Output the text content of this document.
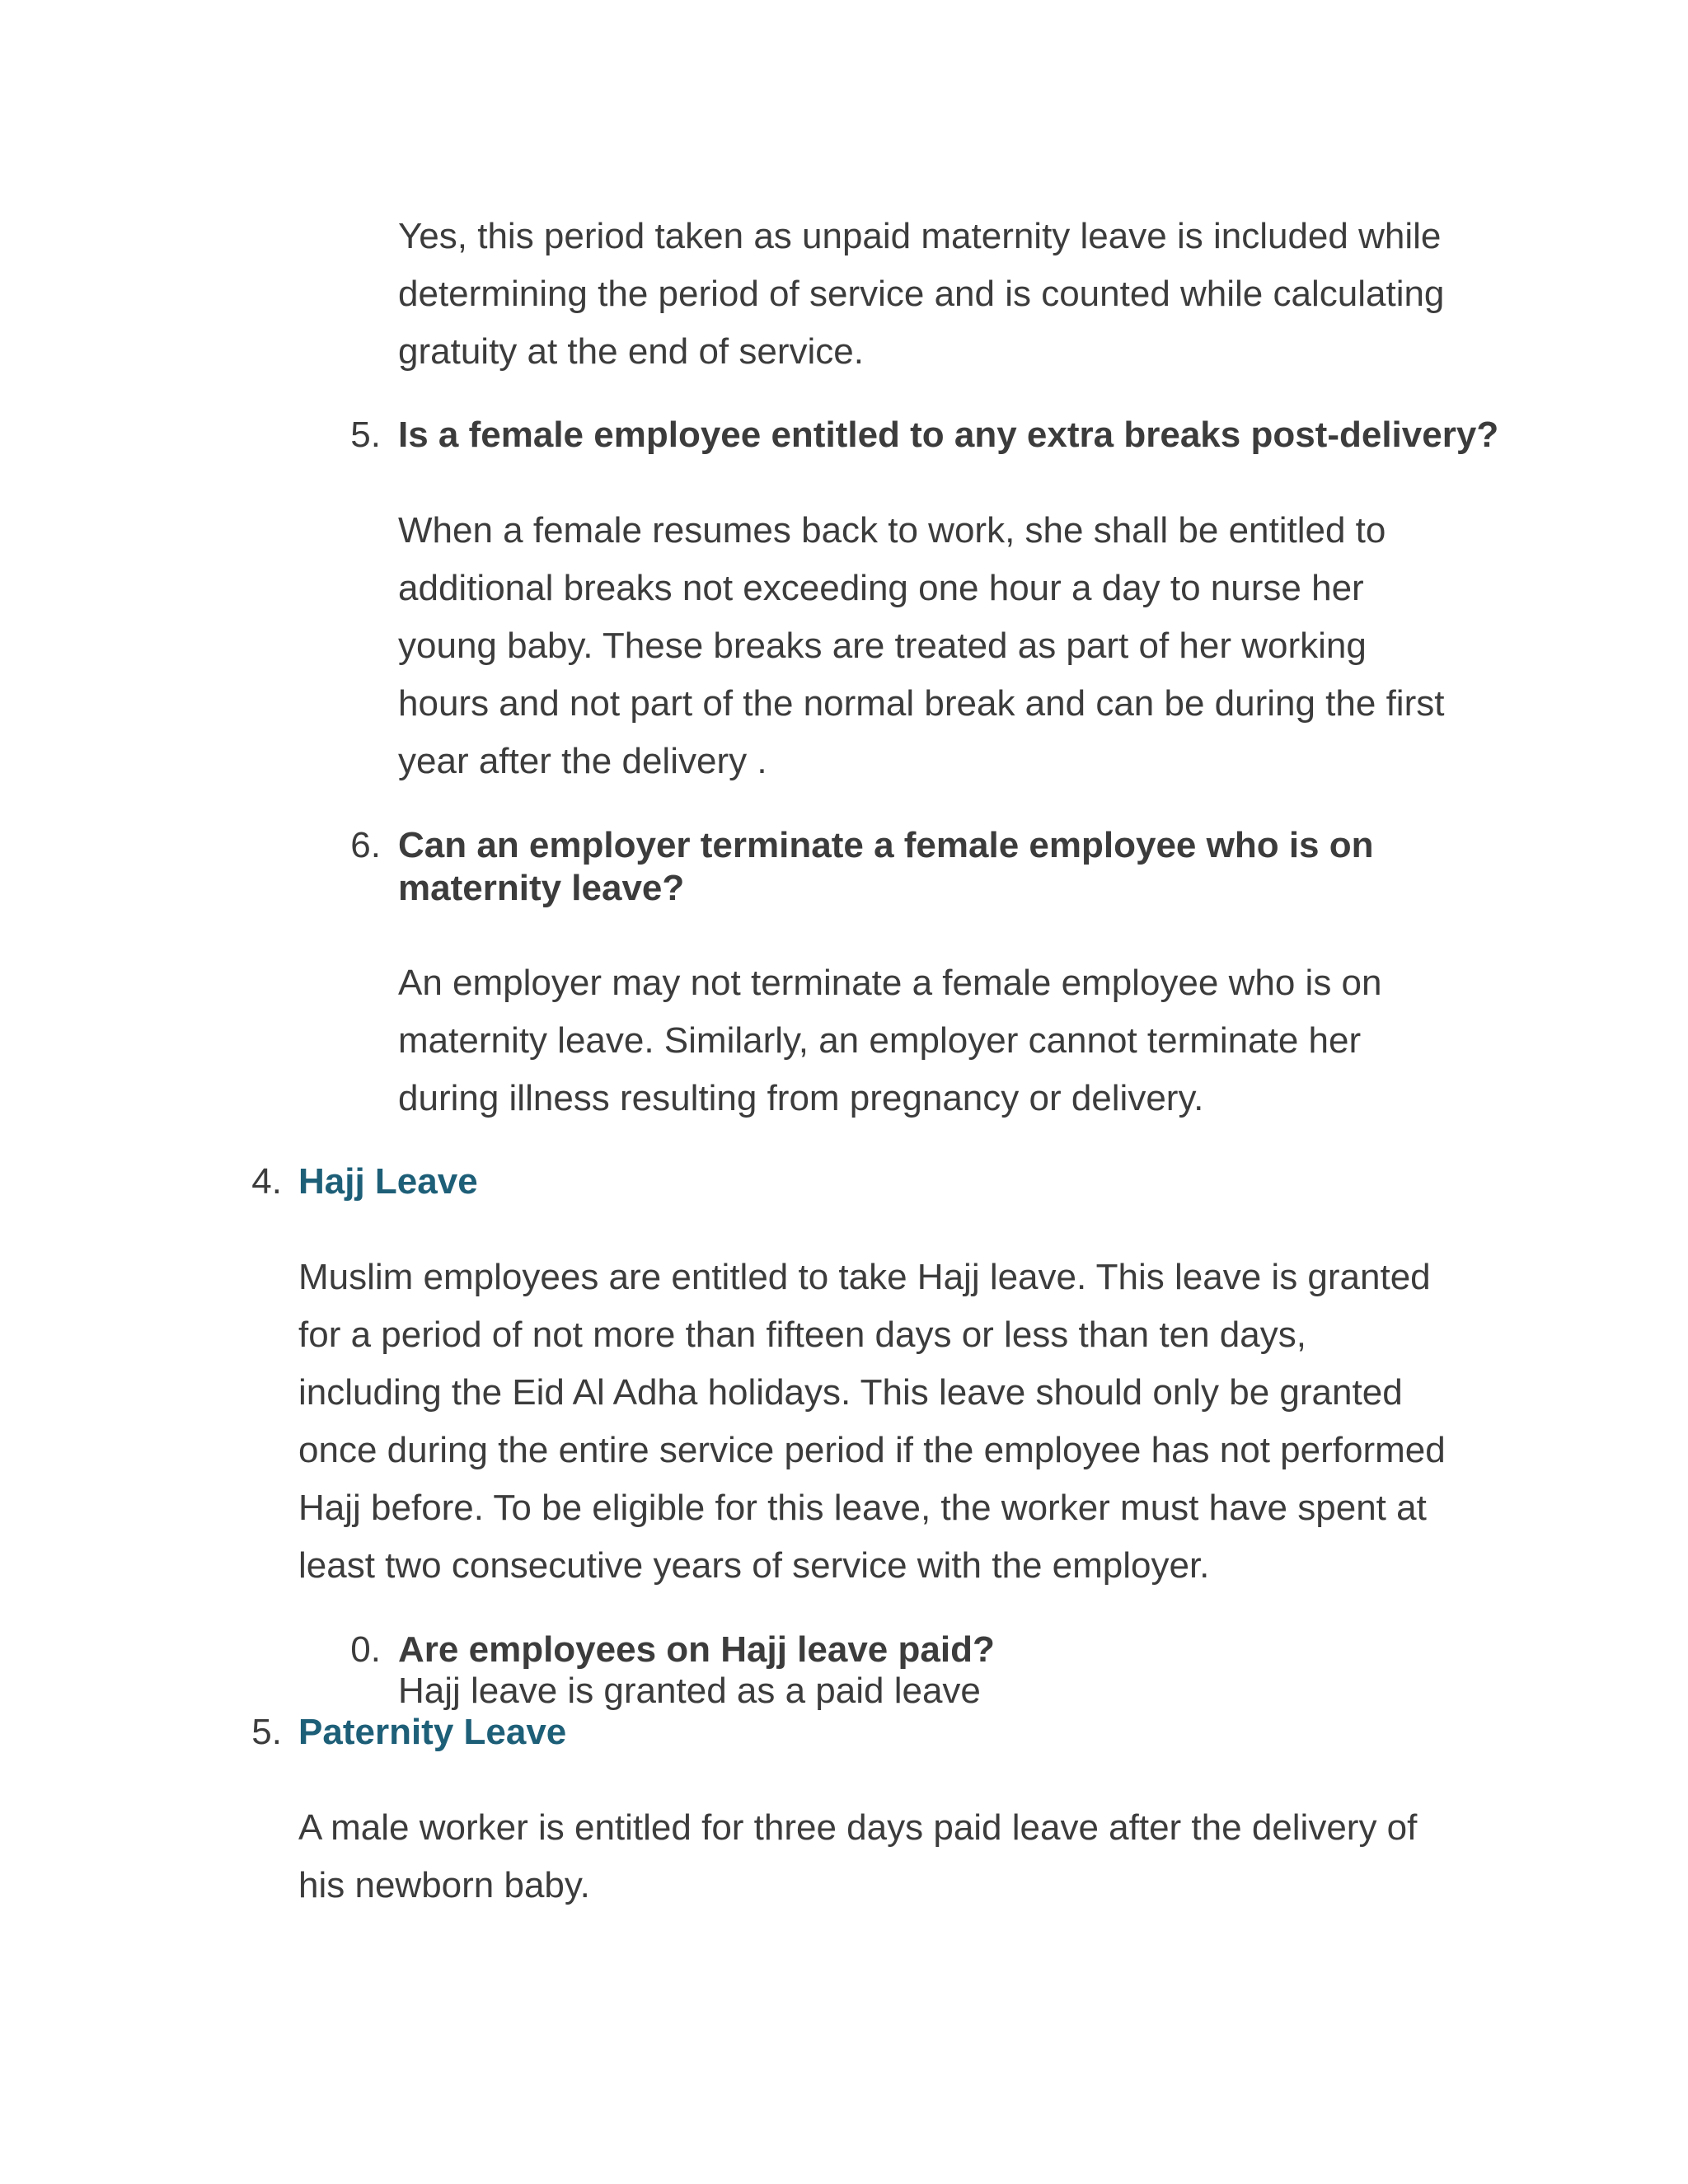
Yes, this period taken as unpaid maternity leave is included while
determining the period of service and is counted while calculating
gratuity at the end of service.
5. Is a female employee entitled to any extra breaks post-delivery?
When a female resumes back to work, she shall be entitled to
additional breaks not exceeding one hour a day to nurse her
young baby. These breaks are treated as part of her working
hours and not part of the normal break and can be during the first
year after the delivery .
6. Can an employer terminate a female employee who is on
maternity leave?
An employer may not terminate a female employee who is on
maternity leave. Similarly, an employer cannot terminate her
during illness resulting from pregnancy or delivery.
4. Hajj Leave
Muslim employees are entitled to take Hajj leave. This leave is granted
for a period of not more than fifteen days or less than ten days,
including the Eid Al Adha holidays. This leave should only be granted
once during the entire service period if the employee has not performed
Hajj before. To be eligible for this leave, the worker must have spent at
least two consecutive years of service with the employer.
0. Are employees on Hajj leave paid?
Hajj leave is granted as a paid leave
5. Paternity Leave
A male worker is entitled for three days paid leave after the delivery of
his newborn baby.
